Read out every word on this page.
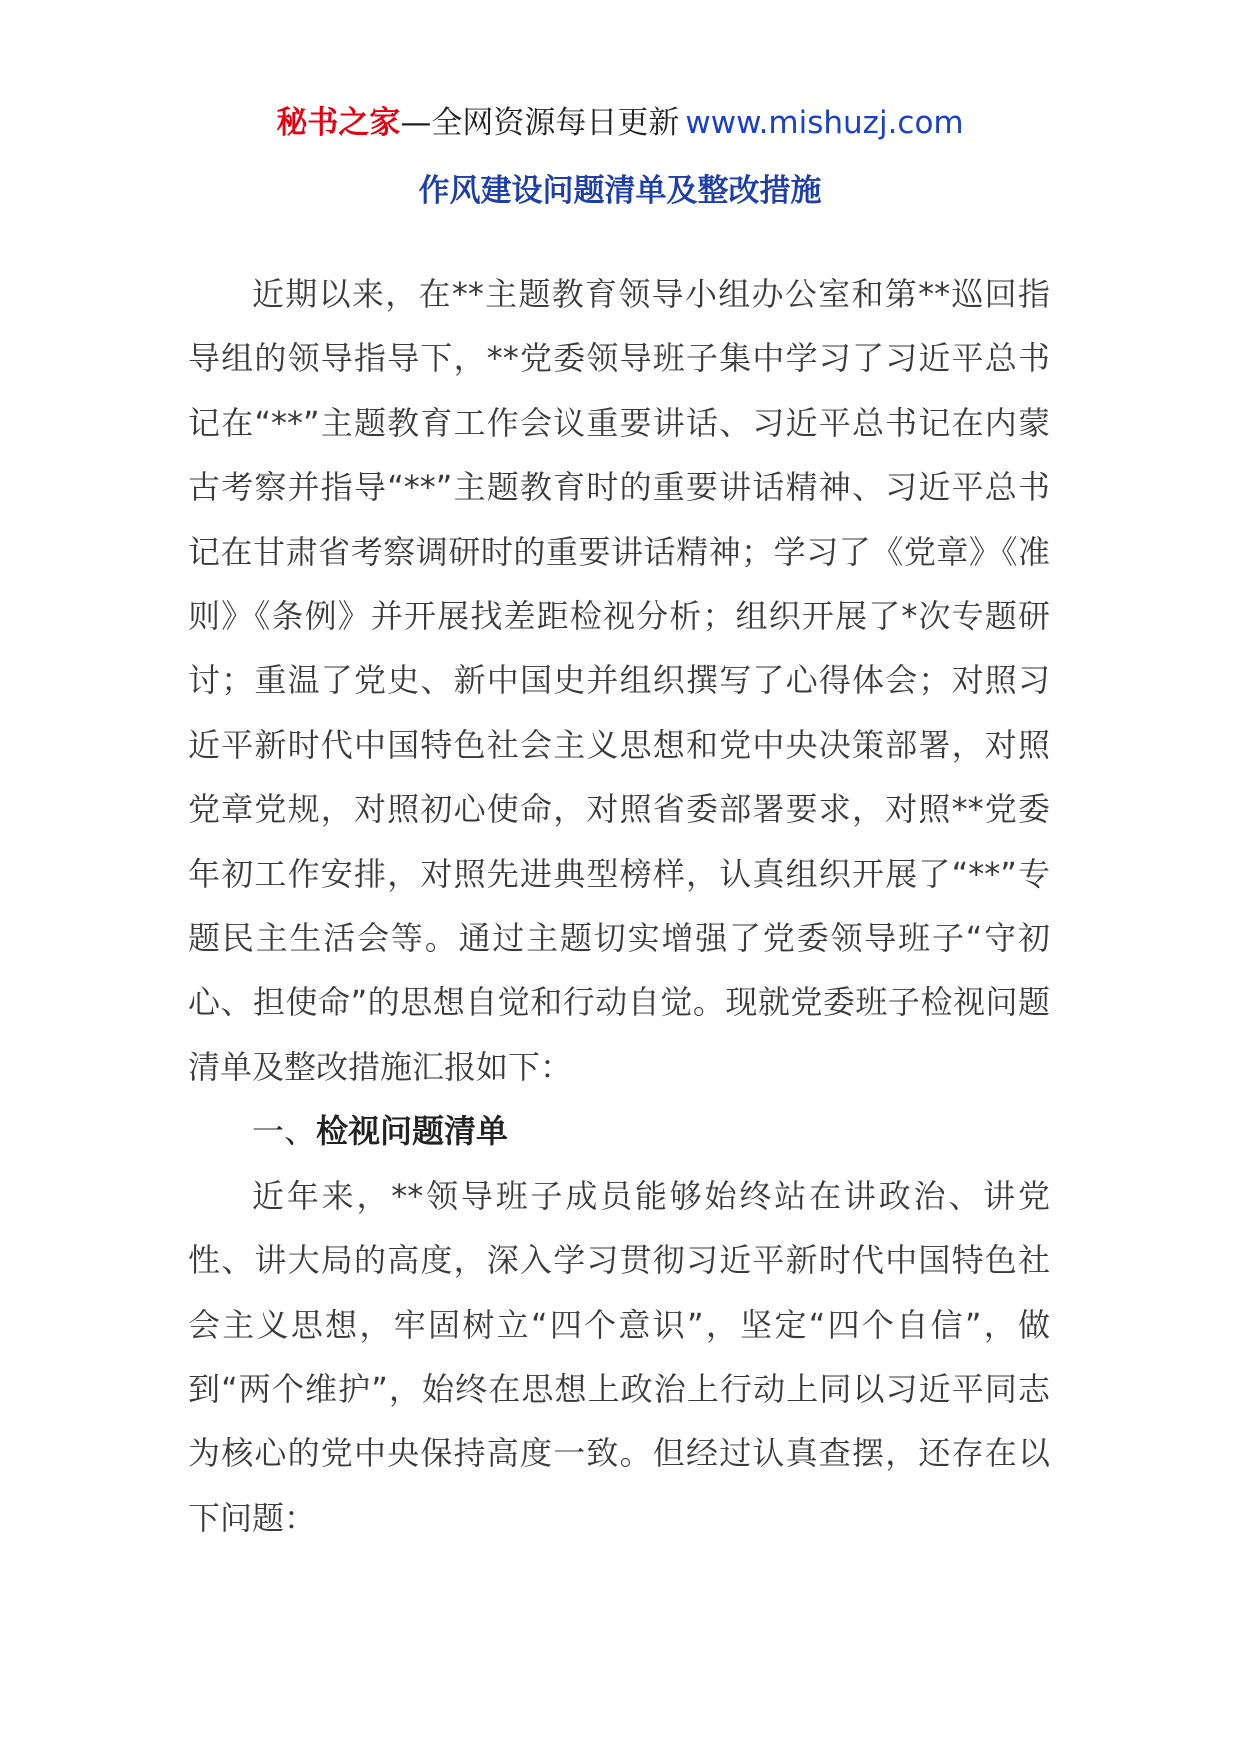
秘书之家—全网资源每日更新 www.mishuzj.com
作风建设问题清单及整改措施

近期以来，在**主题教育领导小组办公室和第**巡回指导组的领导指导下，**党委领导班子集中学习了习近平总书记在“**”主题教育工作会议重要讲话、习近平总书记在内蒙古考察并指导“**”主题教育时的重要讲话精神、习近平总书记在甘肃省考察调研时的重要讲话精神；学习了《党章》《准则》《条例》并开展找差距检视分析；组织开展了*次专题研讨；重温了党史、新中国史并组织撰写了心得体会；对照习近平新时代中国特色社会主义思想和党中央决策部署，对照党章党规，对照初心使命，对照省委部署要求，对照**党委年初工作安排，对照先进典型榜样，认真组织开展了“**”专题民主生活会等。通过主题切实增强了党委领导班子“守初心、担使命”的思想自觉和行动自觉。现就党委班子检视问题清单及整改措施汇报如下：

一、检视问题清单

近年来，**领导班子成员能够始终站在讲政治、讲党性、讲大局的高度，深入学习贯彻习近平新时代中国特色社会主义思想，牢固树立“四个意识”，坚定“四个自信”，做到“两个维护”，始终在思想上政治上行动上同以习近平同志为核心的党中央保持高度一致。但经过认真查摆，还存在以下问题：
